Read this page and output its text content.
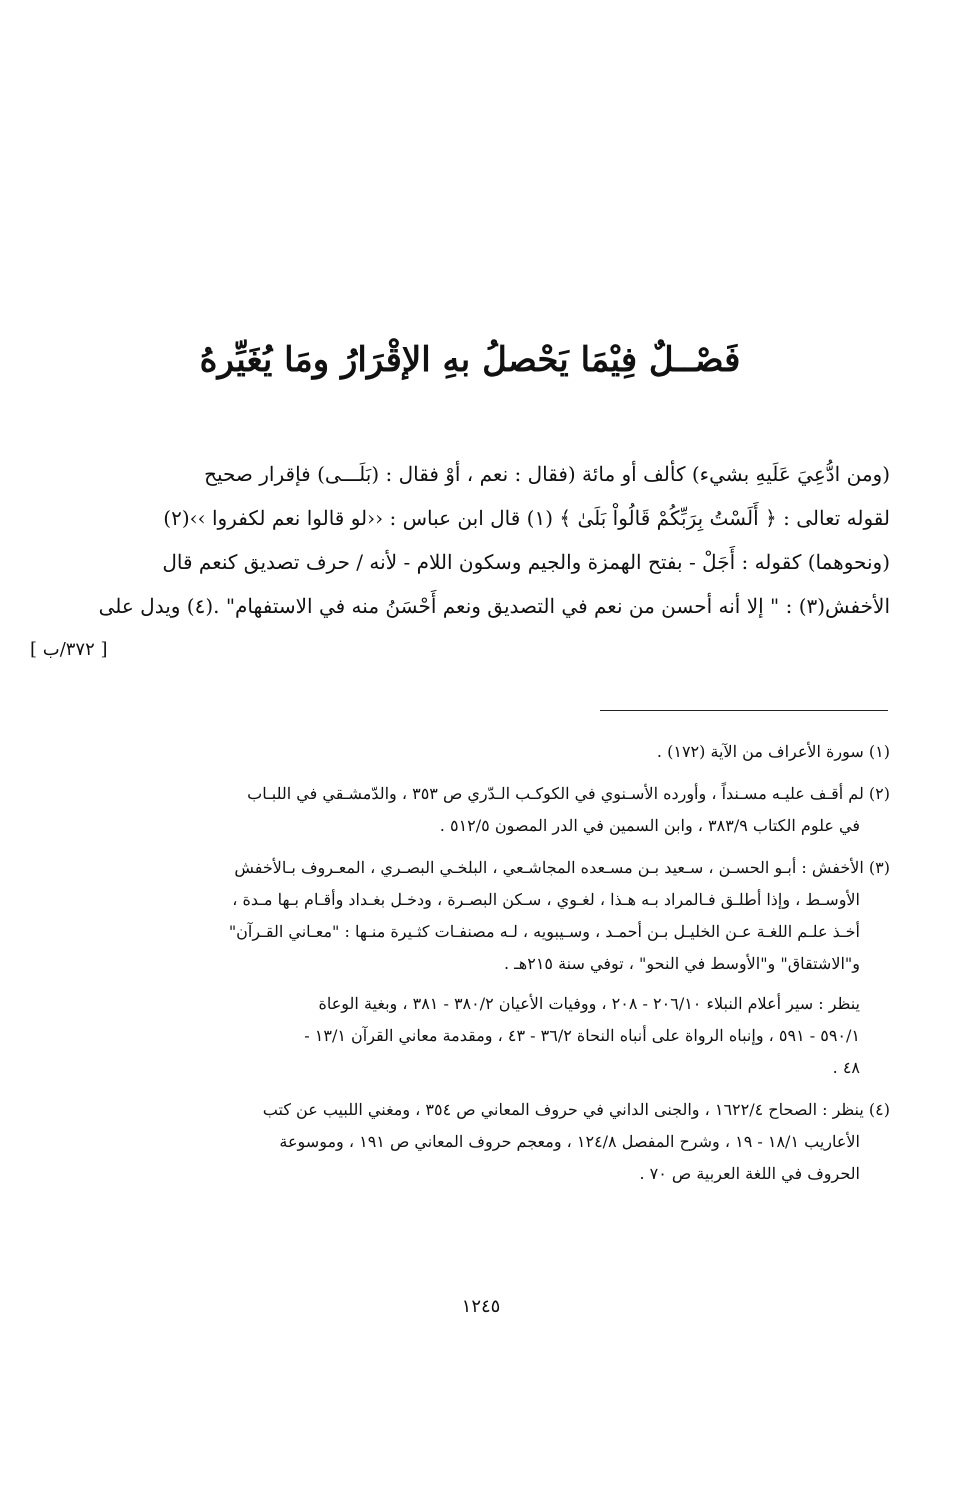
فَصْــلٌ فِيْمَا يَحْصلُ بهِ الإقْرَارُ ومَا يُغَيِّرهُ
(ومن ادُّعِيَ عَلَيهِ بشيء) كألف أو مائة (فقال : نعم ، أوْ فقال : (بَلَـــى) فإقرار صحيح
لقوله تعالى : ﴿ أَلَسْتُ بِرَبِّكُمْ قَالُواْ بَلَىٰ ﴾ (١) قال ابن عباس : ‹‹لو قالوا نعم لكفروا ››(٢)
(ونحوهما) كقوله : أَجَلْ - بفتح الهمزة والجيم وسكون اللام - لأنه / حرف تصديق كنعم قال
الأخفش(٣) : " إلا أنه أحسن من نعم في التصديق ونعم أَحْسَنُ منه في الاستفهام" .(٤) ويدل على
[ ٣٧٢/ب ]
(١) سورة الأعراف من الآية (١٧٢) .
(٢) لم أقـف عليـه مسـنداً ، وأورده الأسـنوي في الكوكـب الـدّري ص ٣٥٣ ، والدّمشـقي في اللبـاب
في علوم الكتاب ٣٨٣/٩ ، وابن السمين في الدر المصون ٥١٢/٥ .
(٣) الأخفش : أبـو الحسـن ، سـعيد بـن مسـعده المجاشـعي ، البلخـي البصـري ، المعـروف بـالأخفش
الأوسـط ، وإذا أطلـق فـالمراد بـه هـذا ، لغـوي ، سـكن البصـرة ، ودخـل بغـداد وأقـام بـها مـدة ،
أخـذ علـم اللغـة عـن الخليـل بـن أحمـد ، وسـيبويه ، لـه مصنفـات كثـيرة منـها : "معـاني القـرآن"
و"الاشتقاق" و"الأوسط في النحو" ، توفي سنة ٢١٥هـ .
ينظر : سير أعلام النبلاء ٢٠٦/١٠ - ٢٠٨ ، ووفيات الأعيان ٣٨٠/٢ - ٣٨١ ، وبغية الوعاة
٥٩٠/١ - ٥٩١ ، وإنباه الرواة على أنباه النحاة ٣٦/٢ - ٤٣ ، ومقدمة معاني القرآن ١٣/١ -
٤٨ .
(٤) ينظر : الصحاح ١٦٢٢/٤ ، والجنى الداني في حروف المعاني ص ٣٥٤ ، ومغني اللبيب عن كتب
الأعاريب ١٨/١ - ١٩ ، وشرح المفصل ١٢٤/٨ ، ومعجم حروف المعاني ص ١٩١ ، وموسوعة
الحروف في اللغة العربية ص ٧٠ .
١٢٤٥
